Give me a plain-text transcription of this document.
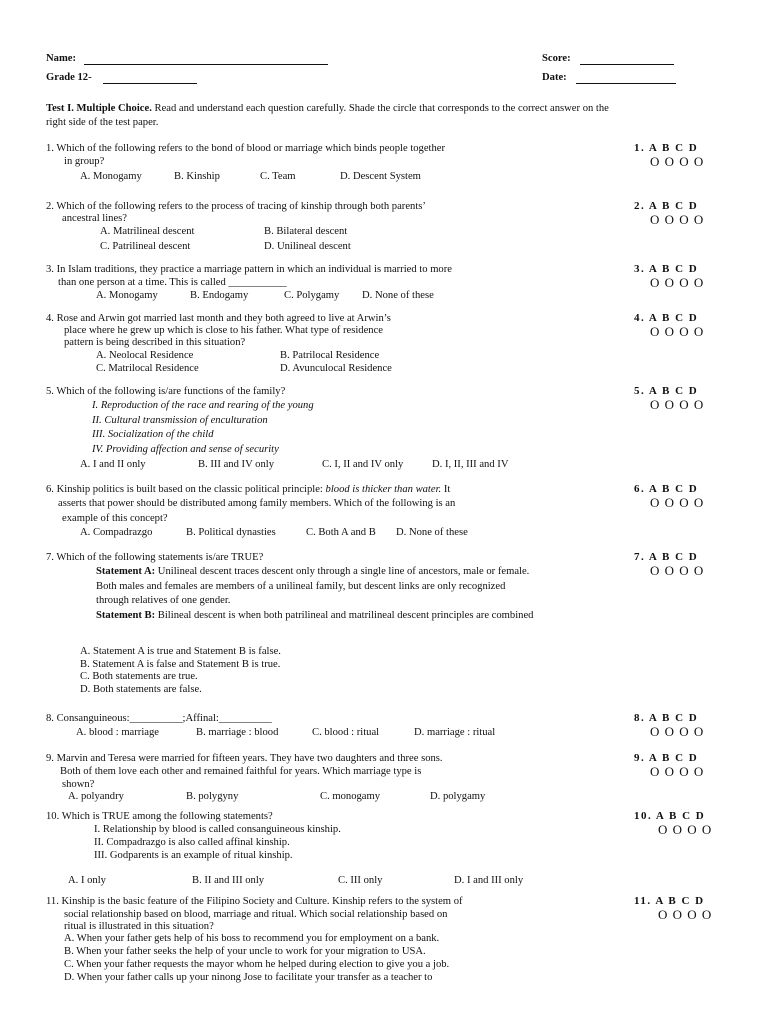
Name:
Grade 12-
Score:
Date:
Test I. Multiple Choice. Read and understand each question carefully. Shade the circle that corresponds to the correct answer on the
right side of the test paper.
1. Which of the following refers to the bond of blood or marriage which binds people together
in group?
A. Monogamy	B. Kinship	C. Team	D. Descent System
1. A B C D
O O O O
2. Which of the following refers to the process of tracing of kinship through both parents’
ancestral lines?
A. Matrilineal descent	B. Bilateral descent
C. Patrilineal descent	D. Unilineal descent
2. A B C D
O O O O
3. In Islam traditions, they practice a marriage pattern in which an individual is married to more
than one person at a time. This is called ___________
A. Monogamy	B. Endogamy	C. Polygamy D. None of these
3. A B C D
O O O O
4. Rose and Arwin got married last month and they both agreed to live at Arwin’s
place where he grew up which is close to his father. What type of residence
pattern is being described in this situation?
A. Neolocal Residence	B. Patrilocal Residence
C. Matrilocal Residence	D. Avunculocal Residence
4. A B C D
O O O O
5. Which of the following is/are functions of the family?
I. Reproduction of the race and rearing of the young
II. Cultural transmission of enculturation
III. Socialization of the child
IV. Providing affection and sense of security
A. I and II only	B. III and IV only	C. I, II and IV only	D. I, II, III and IV
5. A B C D
O O O O
6. Kinship politics is built based on the classic political principle: blood is thicker than water. It
asserts that power should be distributed among family members. Which of the following is an
example of this concept?
A. Compadrazgo	B. Political dynasties	C. Both A and B D. None of these
6. A B C D
O O O O
7. Which of the following statements is/are TRUE?
Statement A: Unilineal descent traces descent only through a single line of ancestors, male or female.
Both males and females are members of a unilineal family, but descent links are only recognized
through relatives of one gender.
Statement B: Bilineal descent is when both patrilineal and matrilineal descent principles are combined
A. Statement A is true and Statement B is false.
B. Statement A is false and Statement B is true.
C. Both statements are true.
D. Both statements are false.
7. A B C D
O O O O
8. Consanguineous:__________;Affinal:__________
A. blood : marriage	B. marriage : blood	C. blood : ritual	D. marriage : ritual
8. A B C D
O O O O
9. Marvin and Teresa were married for fifteen years. They have two daughters and three sons.
Both of them love each other and remained faithful for years. Which marriage type is
shown?
A. polyandry	B. polygyny	C. monogamy	D. polygamy
9. A B C D
O O O O
10. Which is TRUE among the following statements?
I. Relationship by blood is called consanguineous kinship.
II. Compadrazgo is also called affinal kinship.
III. Godparents is an example of ritual kinship.
A. I only	B. II and III only	C. III only	D. I and III only
10. A B C D
O O O O
11. Kinship is the basic feature of the Filipino Society and Culture. Kinship refers to the system of
social relationship based on blood, marriage and ritual. Which social relationship based on
ritual is illustrated in this situation?
A. When your father gets help of his boss to recommend you for employment on a bank.
B. When your father seeks the help of your uncle to work for your migration to USA.
C. When your father requests the mayor whom he helped during election to give you a job.
D. When your father calls up your ninong Jose to facilitate your transfer as a teacher to
11. A B C D
O O O O
